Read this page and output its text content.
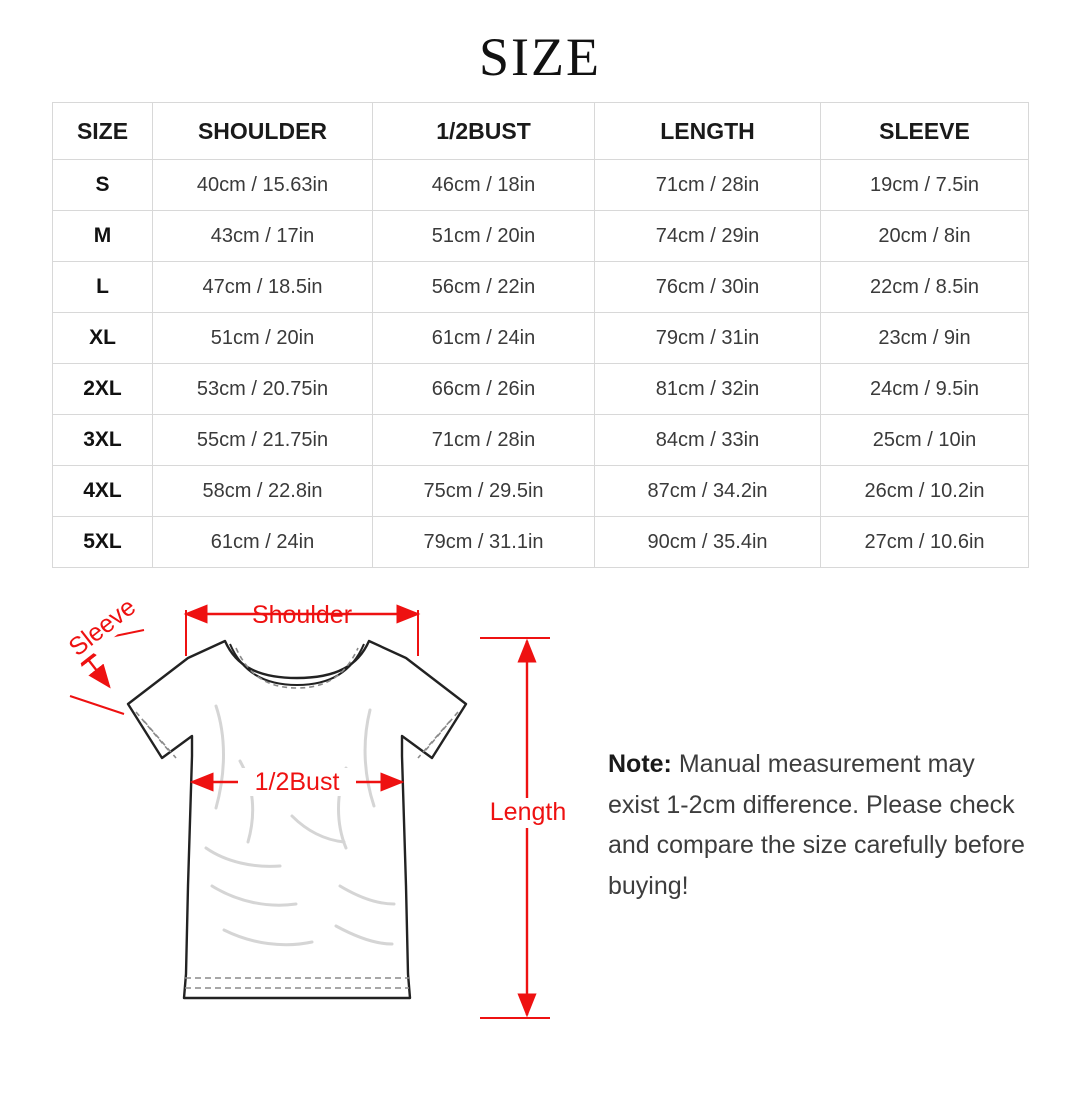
SIZE
SIZE	SHOULDER	1/2BUST	LENGTH	SLEEVE
S	40cm / 15.63in	46cm / 18in	71cm / 28in	19cm / 7.5in
M	43cm / 17in	51cm / 20in	74cm / 29in	20cm / 8in
L	47cm / 18.5in	56cm / 22in	76cm / 30in	22cm / 8.5in
XL	51cm / 20in	61cm / 24in	79cm / 31in	23cm / 9in
2XL	53cm / 20.75in	66cm / 26in	81cm / 32in	24cm / 9.5in
3XL	55cm / 21.75in	71cm / 28in	84cm / 33in	25cm / 10in
4XL	58cm / 22.8in	75cm / 29.5in	87cm / 34.2in	26cm / 10.2in
5XL	61cm / 24in	79cm / 31.1in	90cm / 35.4in	27cm / 10.6in
Shoulder
1/2Bust
Length
Sleeve
Note: Manual measurement may exist 1-2cm difference. Please check and compare the size carefully before buying!
